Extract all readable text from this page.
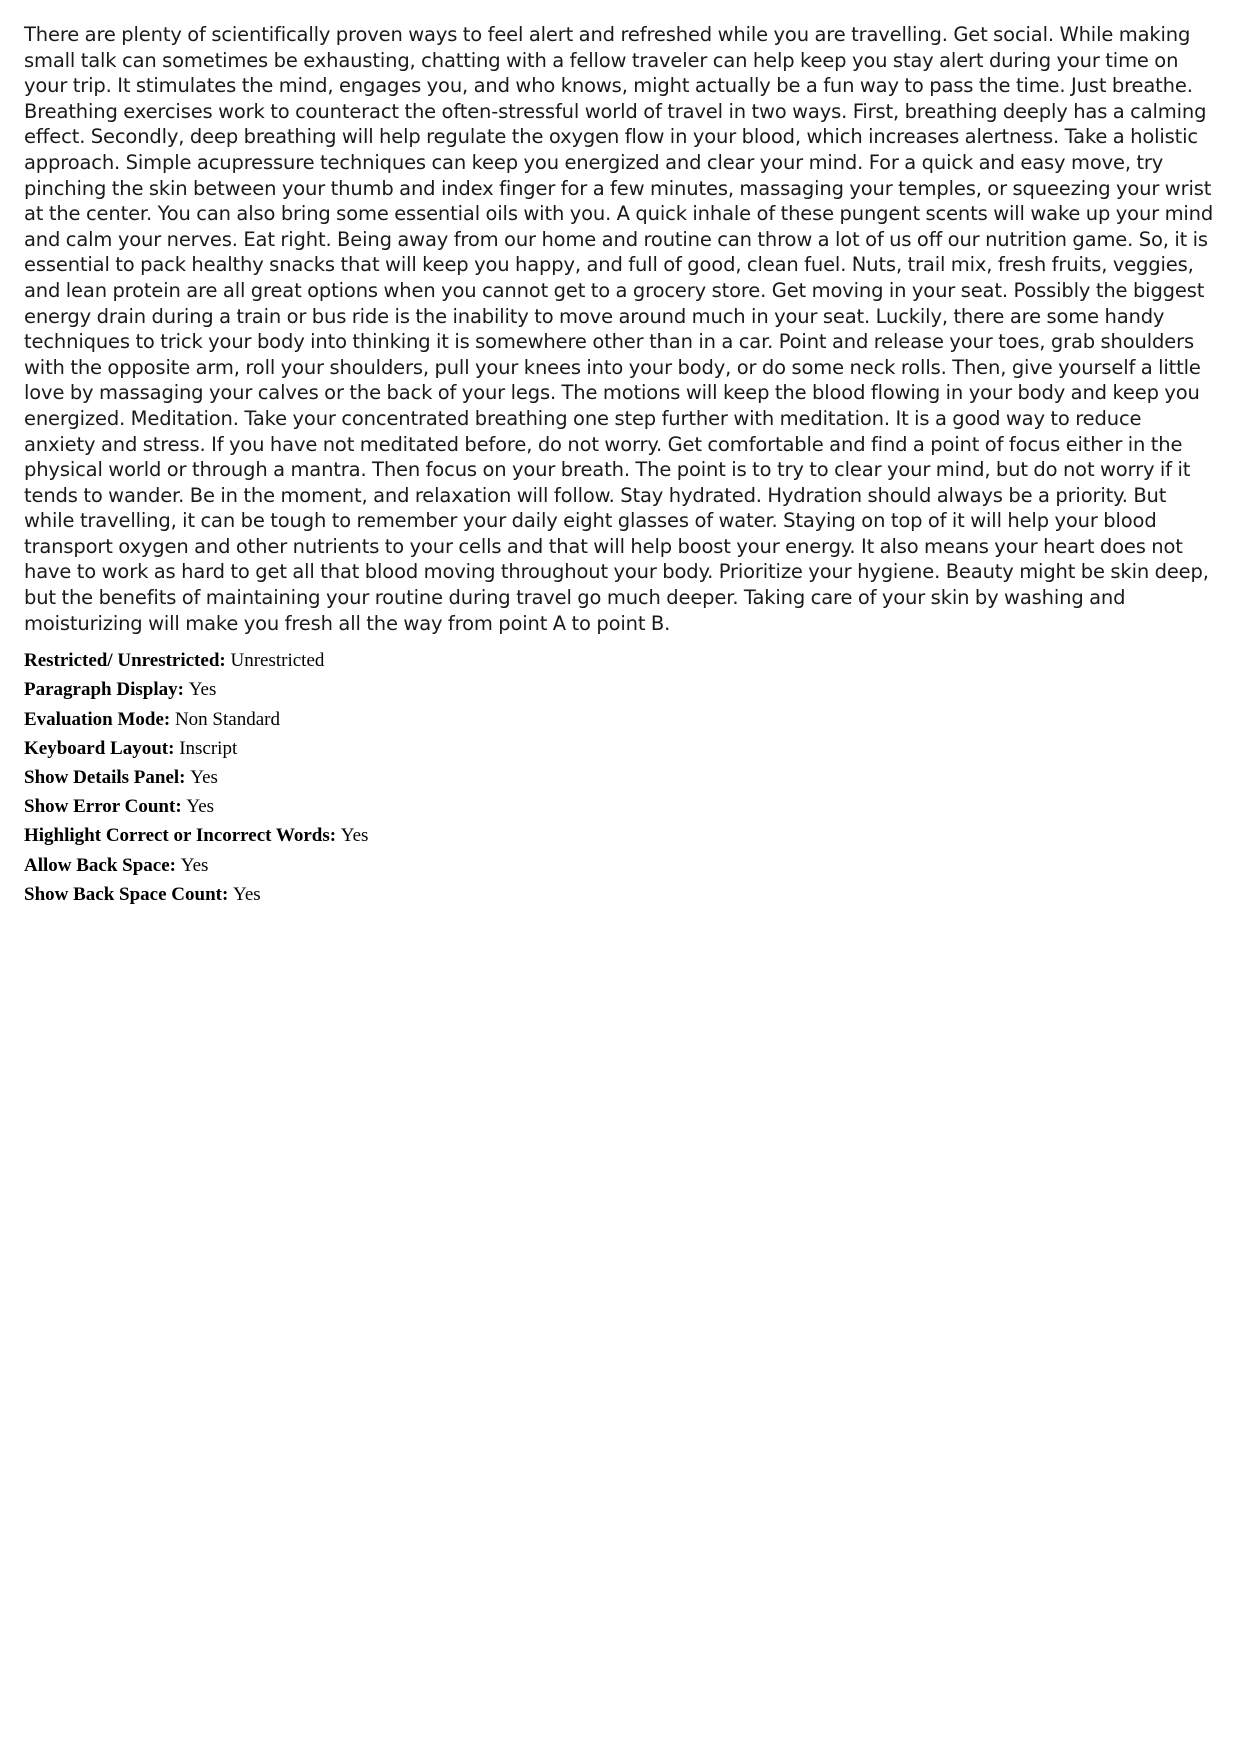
There are plenty of scientifically proven ways to feel alert and refreshed while you are travelling. Get social. While making small talk can sometimes be exhausting, chatting with a fellow traveler can help keep you stay alert during your time on your trip. It stimulates the mind, engages you, and who knows, might actually be a fun way to pass the time. Just breathe. Breathing exercises work to counteract the often-stressful world of travel in two ways. First, breathing deeply has a calming effect. Secondly, deep breathing will help regulate the oxygen flow in your blood, which increases alertness. Take a holistic approach. Simple acupressure techniques can keep you energized and clear your mind. For a quick and easy move, try pinching the skin between your thumb and index finger for a few minutes, massaging your temples, or squeezing your wrist at the center. You can also bring some essential oils with you. A quick inhale of these pungent scents will wake up your mind and calm your nerves. Eat right. Being away from our home and routine can throw a lot of us off our nutrition game. So, it is essential to pack healthy snacks that will keep you happy, and full of good, clean fuel. Nuts, trail mix, fresh fruits, veggies, and lean protein are all great options when you cannot get to a grocery store. Get moving in your seat. Possibly the biggest energy drain during a train or bus ride is the inability to move around much in your seat. Luckily, there are some handy techniques to trick your body into thinking it is somewhere other than in a car. Point and release your toes, grab shoulders with the opposite arm, roll your shoulders, pull your knees into your body, or do some neck rolls. Then, give yourself a little love by massaging your calves or the back of your legs. The motions will keep the blood flowing in your body and keep you energized. Meditation. Take your concentrated breathing one step further with meditation. It is a good way to reduce anxiety and stress. If you have not meditated before, do not worry. Get comfortable and find a point of focus either in the physical world or through a mantra. Then focus on your breath. The point is to try to clear your mind, but do not worry if it tends to wander. Be in the moment, and relaxation will follow. Stay hydrated. Hydration should always be a priority. But while travelling, it can be tough to remember your daily eight glasses of water. Staying on top of it will help your blood transport oxygen and other nutrients to your cells and that will help boost your energy. It also means your heart does not have to work as hard to get all that blood moving throughout your body. Prioritize your hygiene. Beauty might be skin deep, but the benefits of maintaining your routine during travel go much deeper. Taking care of your skin by washing and moisturizing will make you fresh all the way from point A to point B.

Restricted/ Unrestricted: Unrestricted
Paragraph Display: Yes
Evaluation Mode: Non Standard
Keyboard Layout: Inscript
Show Details Panel: Yes
Show Error Count: Yes
Highlight Correct or Incorrect Words: Yes
Allow Back Space: Yes
Show Back Space Count: Yes
